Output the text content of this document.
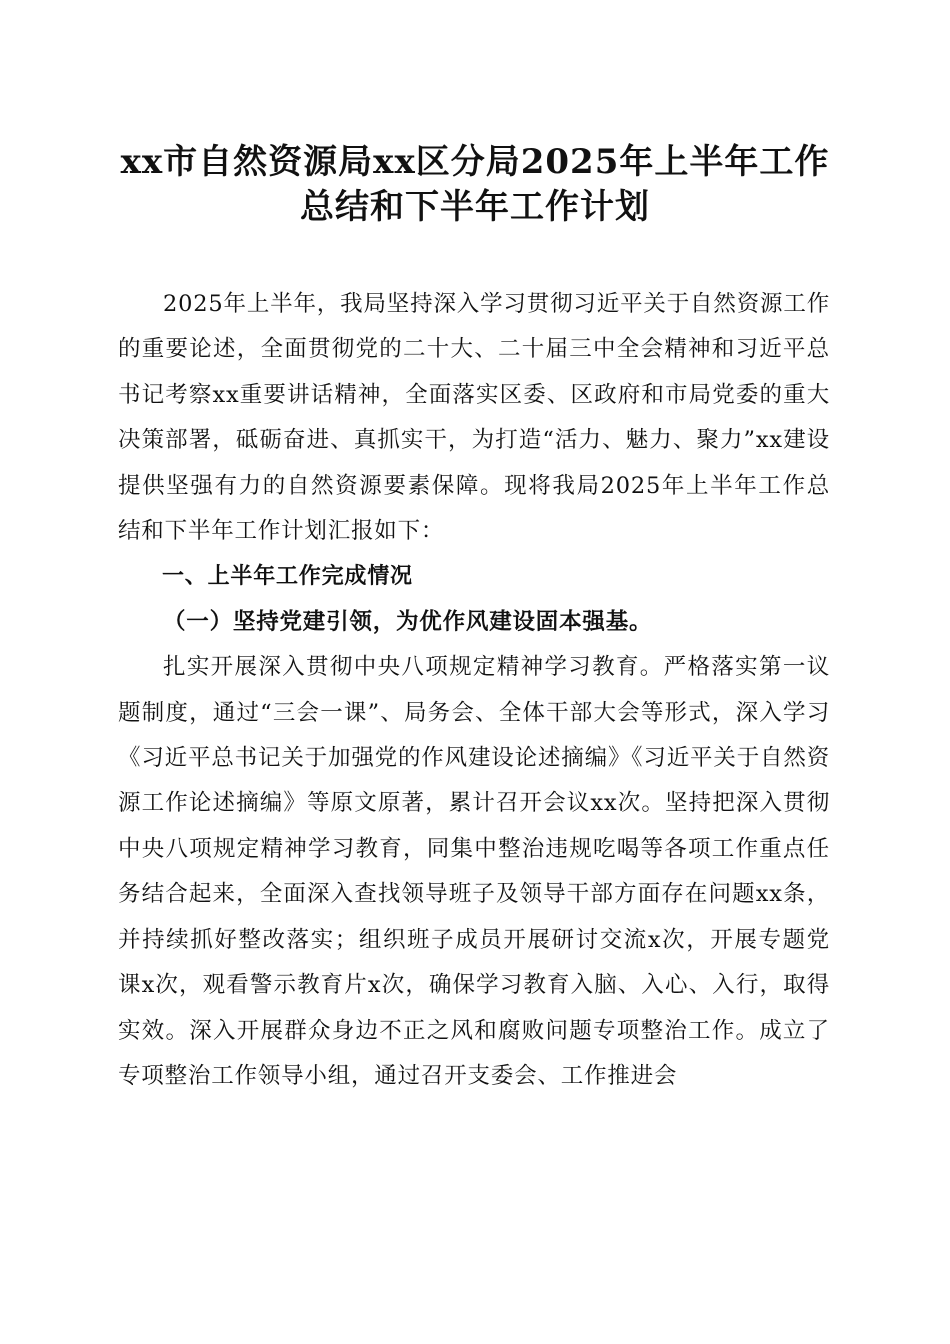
xx市自然资源局xx区分局2025年上半年工作
总结和下半年工作计划

2025年上半年，我局坚持深入学习贯彻习近平关于自然资源工作的重要论述，全面贯彻党的二十大、二十届三中全会精神和习近平总书记考察xx重要讲话精神，全面落实区委、区政府和市局党委的重大决策部署，砥砺奋进、真抓实干，为打造“活力、魅力、聚力”xx建设提供坚强有力的自然资源要素保障。现将我局2025年上半年工作总结和下半年工作计划汇报如下：

一、上半年工作完成情况

（一）坚持党建引领，为优作风建设固本强基。

扎实开展深入贯彻中央八项规定精神学习教育。严格落实第一议题制度，通过“三会一课”、局务会、全体干部大会等形式，深入学习《习近平总书记关于加强党的作风建设论述摘编》《习近平关于自然资源工作论述摘编》等原文原著，累计召开会议xx次。坚持把深入贯彻中央八项规定精神学习教育，同集中整治违规吃喝等各项工作重点任务结合起来，全面深入查找领导班子及领导干部方面存在问题xx条，并持续抓好整改落实；组织班子成员开展研讨交流x次，开展专题党课x次，观看警示教育片x次，确保学习教育入脑、入心、入行，取得实效。深入开展群众身边不正之风和腐败问题专项整治工作。成立了专项整治工作领导小组，通过召开支委会、工作推进会
